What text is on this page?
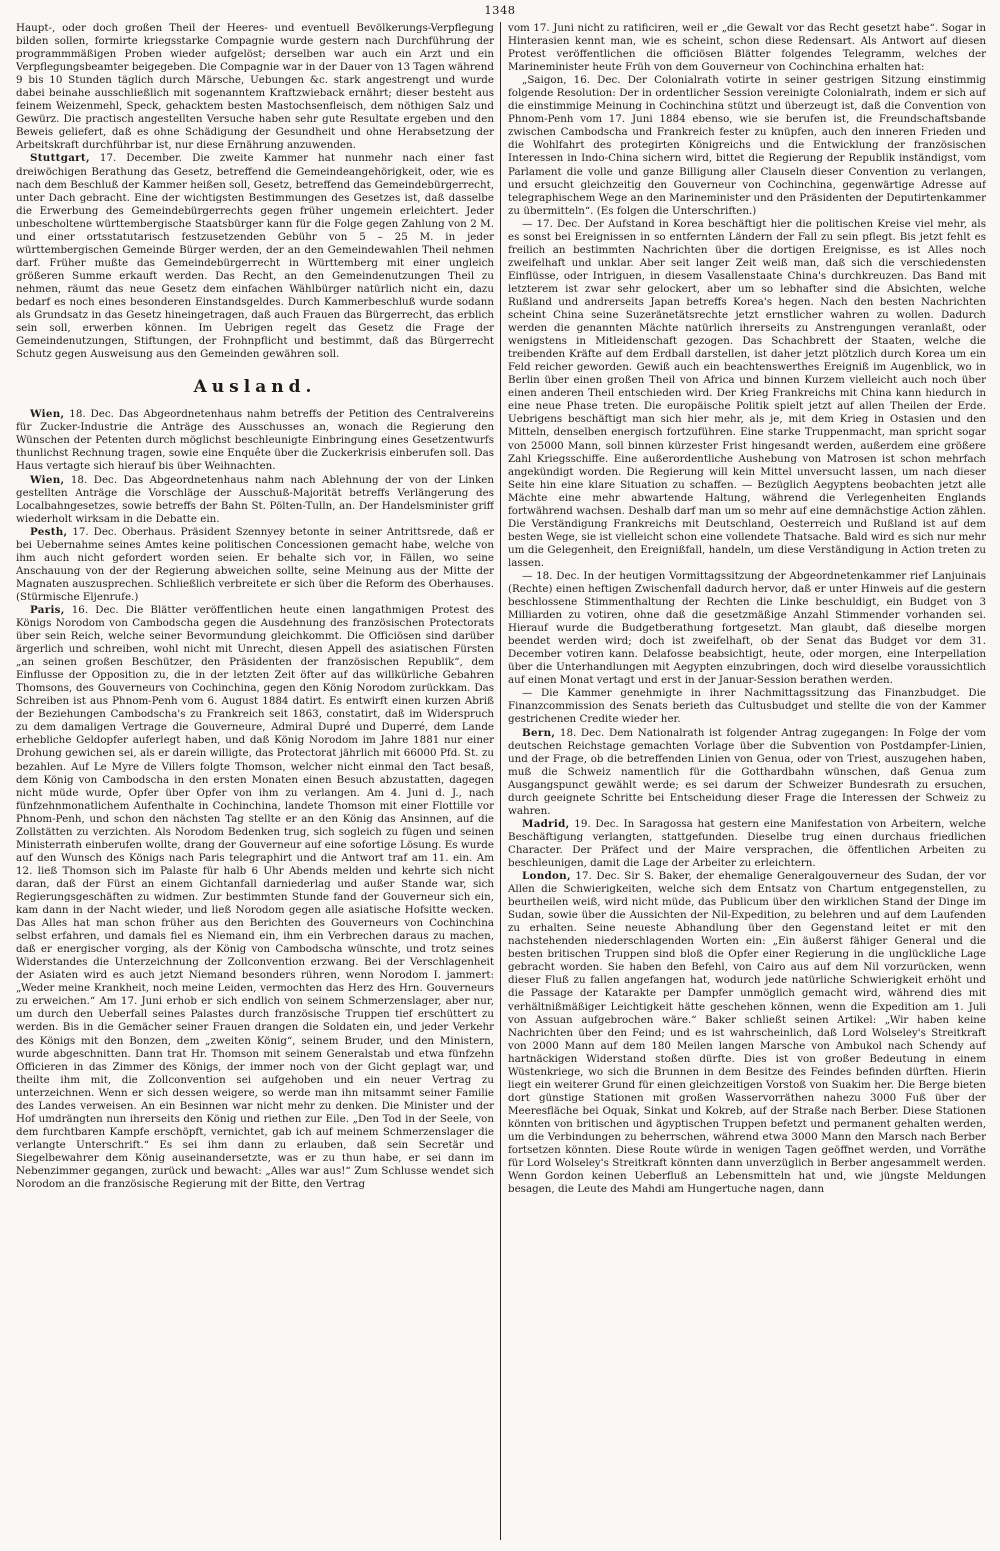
1348

Haupt-, oder doch großen Theil der Heeres- und eventuell Bevölkerungs-Verpflegung bilden sollen, formirte kriegsstarke Compagnie wurde gestern nach Durchführung der programmmäßigen Proben wieder aufgelöst; derselben war auch ein Arzt und ein Verpflegungsbeamter beigegeben. Die Compagnie war in der Dauer von 13 Tagen während 9 bis 10 Stunden täglich durch Märsche, Uebungen &c. stark angestrengt und wurde dabei beinahe ausschließlich mit sogenanntem Kraftzwieback ernährt; dieser besteht aus feinem Weizenmehl, Speck, gehacktem besten Mastochsenfleisch, dem nöthigen Salz und Gewürz. Die practisch angestellten Versuche haben sehr gute Resultate ergeben und den Beweis geliefert, daß es ohne Schädigung der Gesundheit und ohne Herabsetzung der Arbeitskraft durchführbar ist, nur diese Ernährung anzuwenden.

Stuttgart, 17. December. Die zweite Kammer hat nunmehr nach einer fast dreiwöchigen Berathung das Gesetz, betreffend die Gemeindeangehörigkeit, oder, wie es nach dem Beschluß der Kammer heißen soll, Gesetz, betreffend das Gemeindebürgerrecht, unter Dach gebracht. Eine der wichtigsten Bestimmungen des Gesetzes ist, daß dasselbe die Erwerbung des Gemeindebürgerrechts gegen früher ungemein erleichtert. Jeder unbescholtene württembergische Staatsbürger kann für die Folge gegen Zahlung von 2 M. und einer ortsstatutarisch festzusetzenden Gebühr von 5 – 25 M. in jeder württembergischen Gemeinde Bürger werden, der an den Gemeindewahlen Theil nehmen darf. Früher mußte das Gemeindebürgerrecht in Württemberg mit einer ungleich größeren Summe erkauft werden. Das Recht, an den Gemeindenutzungen Theil zu nehmen, räumt das neue Gesetz dem einfachen Wählbürger natürlich nicht ein, dazu bedarf es noch eines besonderen Einstandsgeldes. Durch Kammerbeschluß wurde sodann als Grundsatz in das Gesetz hineingetragen, daß auch Frauen das Bürgerrecht, das erblich sein soll, erwerben können. Im Uebrigen regelt das Gesetz die Frage der Gemeindenutzungen, Stiftungen, der Frohnpflicht und bestimmt, daß das Bürgerrecht Schutz gegen Ausweisung aus den Gemeinden gewähren soll.

Ausland.

Wien, 18. Dec. Das Abgeordnetenhaus nahm betreffs der Petition des Centralvereins für Zucker-Industrie die Anträge des Ausschusses an, wonach die Regierung den Wünschen der Petenten durch möglichst beschleunigte Einbringung eines Gesetzentwurfs thunlichst Rechnung tragen, sowie eine Enquête über die Zuckerkrisis einberufen soll. Das Haus vertagte sich hierauf bis über Weihnachten.

Wien, 18. Dec. Das Abgeordnetenhaus nahm nach Ablehnung der von der Linken gestellten Anträge die Vorschläge der Ausschuß-Majorität betreffs Verlängerung des Localbahngesetzes, sowie betreffs der Bahn St. Pölten-Tulln, an. Der Handelsminister griff wiederholt wirksam in die Debatte ein.

Pesth, 17. Dec. Oberhaus. Präsident Szennyey betonte in seiner Antrittsrede, daß er bei Uebernahme seines Amtes keine politischen Concessionen gemacht habe, welche von ihm auch nicht gefordert worden seien. Er behalte sich vor, in Fällen, wo seine Anschauung von der der Regierung abweichen sollte, seine Meinung aus der Mitte der Magnaten auszusprechen. Schließlich verbreitete er sich über die Reform des Oberhauses. (Stürmische Eljenrufe.)

Paris, 16. Dec. Die Blätter veröffentlichen heute einen langathmigen Protest des Königs Norodom von Cambodscha gegen die Ausdehnung des französischen Protectorats über sein Reich, welche seiner Bevormundung gleichkommt. Die Officiösen sind darüber ärgerlich und schreiben, wohl nicht mit Unrecht, diesen Appell des asiatischen Fürsten „an seinen großen Beschützer, den Präsidenten der französischen Republik“, dem Einflusse der Opposition zu, die in der letzten Zeit öfter auf das willkürliche Gebahren Thomsons, des Gouverneurs von Cochinchina, gegen den König Norodom zurückkam. Das Schreiben ist aus Phnom-Penh vom 6. August 1884 datirt. Es entwirft einen kurzen Abriß der Beziehungen Cambodscha's zu Frankreich seit 1863, constatirt, daß im Widerspruch zu dem damaligen Vertrage die Gouverneure, Admiral Dupré und Duperré, dem Lande erhebliche Geldopfer auferlegt haben, und daß König Norodom im Jahre 1881 nur einer Drohung gewichen sei, als er darein willigte, das Protectorat jährlich mit 66000 Pfd. St. zu bezahlen. Auf Le Myre de Villers folgte Thomson, welcher nicht einmal den Tact besaß, dem König von Cambodscha in den ersten Monaten einen Besuch abzustatten, dagegen nicht müde wurde, Opfer über Opfer von ihm zu verlangen. Am 4. Juni d. J., nach fünfzehnmonatlichem Aufenthalte in Cochinchina, landete Thomson mit einer Flottille vor Phnom-Penh, und schon den nächsten Tag stellte er an den König das Ansinnen, auf die Zollstätten zu verzichten. Als Norodom Bedenken trug, sich sogleich zu fügen und seinen Ministerrath einberufen wollte, drang der Gouverneur auf eine sofortige Lösung. Es wurde auf den Wunsch des Königs nach Paris telegraphirt und die Antwort traf am 11. ein. Am 12. ließ Thomson sich im Palaste für halb 6 Uhr Abends melden und kehrte sich nicht daran, daß der Fürst an einem Gichtanfall darniederlag und außer Stande war, sich Regierungsgeschäften zu widmen. Zur bestimmten Stunde fand der Gouverneur sich ein, kam dann in der Nacht wieder, und ließ Norodom gegen alle asiatische Hofsitte wecken. Das Alles hat man schon früher aus den Berichten des Gouverneurs von Cochinchina selbst erfahren, und damals fiel es Niemand ein, ihm ein Verbrechen daraus zu machen, daß er energischer vorging, als der König von Cambodscha wünschte, und trotz seines Widerstandes die Unterzeichnung der Zollconvention erzwang. Bei der Verschlagenheit der Asiaten wird es auch jetzt Niemand besonders rühren, wenn Norodom I. jammert: „Weder meine Krankheit, noch meine Leiden, vermochten das Herz des Hrn. Gouverneurs zu erweichen.“ Am 17. Juni erhob er sich endlich von seinem Schmerzenslager, aber nur, um durch den Ueberfall seines Palastes durch französische Truppen tief erschüttert zu werden. Bis in die Gemächer seiner Frauen drangen die Soldaten ein, und jeder Verkehr des Königs mit den Bonzen, dem „zweiten König“, seinem Bruder, und den Ministern, wurde abgeschnitten. Dann trat Hr. Thomson mit seinem Generalstab und etwa fünfzehn Officieren in das Zimmer des Königs, der immer noch von der Gicht geplagt war, und theilte ihm mit, die Zollconvention sei aufgehoben und ein neuer Vertrag zu unterzeichnen. Wenn er sich dessen weigere, so werde man ihn mitsammt seiner Familie des Landes verweisen. An ein Besinnen war nicht mehr zu denken. Die Minister und der Hof umdrängten nun ihrerseits den König und riethen zur Eile. „Den Tod in der Seele, von dem furchtbaren Kampfe erschöpft, vernichtet, gab ich auf meinem Schmerzenslager die verlangte Unterschrift.“ Es sei ihm dann zu erlauben, daß sein Secretär und Siegelbewahrer dem König auseinandersetzte, was er zu thun habe, er sei dann im Nebenzimmer gegangen, zurück und bewacht: „Alles war aus!“ Zum Schlusse wendet sich Norodom an die französische Regierung mit der Bitte, den Vertrag

vom 17. Juni nicht zu ratificiren, weil er „die Gewalt vor das Recht gesetzt habe“. Sogar in Hinterasien kennt man, wie es scheint, schon diese Redensart. Als Antwort auf diesen Protest veröffentlichen die officiösen Blätter folgendes Telegramm, welches der Marineminister heute Früh von dem Gouverneur von Cochinchina erhalten hat:

„Saigon, 16. Dec. Der Colonialrath votirte in seiner gestrigen Sitzung einstimmig folgende Resolution: Der in ordentlicher Session vereinigte Colonialrath, indem er sich auf die einstimmige Meinung in Cochinchina stützt und überzeugt ist, daß die Convention von Phnom-Penh vom 17. Juni 1884 ebenso, wie sie berufen ist, die Freundschaftsbande zwischen Cambodscha und Frankreich fester zu knüpfen, auch den inneren Frieden und die Wohlfahrt des protegirten Königreichs und die Entwicklung der französischen Interessen in Indo-China sichern wird, bittet die Regierung der Republik inständigst, vom Parlament die volle und ganze Billigung aller Clauseln dieser Convention zu verlangen, und ersucht gleichzeitig den Gouverneur von Cochinchina, gegenwärtige Adresse auf telegraphischem Wege an den Marineminister und den Präsidenten der Deputirtenkammer zu übermitteln“. (Es folgen die Unterschriften.)

— 17. Dec. Der Aufstand in Korea beschäftigt hier die politischen Kreise viel mehr, als es sonst bei Ereignissen in so entfernten Ländern der Fall zu sein pflegt. Bis jetzt fehlt es freilich an bestimmten Nachrichten über die dortigen Ereignisse, es ist Alles noch zweifelhaft und unklar. Aber seit langer Zeit weiß man, daß sich die verschiedensten Einflüsse, oder Intriguen, in diesem Vasallenstaate China's durchkreuzen. Das Band mit letzterem ist zwar sehr gelockert, aber um so lebhafter sind die Absichten, welche Rußland und andrerseits Japan betreffs Korea's hegen. Nach den besten Nachrichten scheint China seine Suzeränetätsrechte jetzt ernstlicher wahren zu wollen. Dadurch werden die genannten Mächte natürlich ihrerseits zu Anstrengungen veranlaßt, oder wenigstens in Mitleidenschaft gezogen. Das Schachbrett der Staaten, welche die treibenden Kräfte auf dem Erdball darstellen, ist daher jetzt plötzlich durch Korea um ein Feld reicher geworden. Gewiß auch ein beachtenswerthes Ereigniß im Augenblick, wo in Berlin über einen großen Theil von Africa und binnen Kurzem vielleicht auch noch über einen anderen Theil entschieden wird. Der Krieg Frankreichs mit China kann hiedurch in eine neue Phase treten. Die europäische Politik spielt jetzt auf allen Theilen der Erde. Uebrigens beschäftigt man sich hier mehr, als je, mit dem Krieg in Ostasien und den Mitteln, denselben energisch fortzuführen. Eine starke Truppenmacht, man spricht sogar von 25000 Mann, soll binnen kürzester Frist hingesandt werden, außerdem eine größere Zahl Kriegsschiffe. Eine außerordentliche Aushebung von Matrosen ist schon mehrfach angekündigt worden. Die Regierung will kein Mittel unversucht lassen, um nach dieser Seite hin eine klare Situation zu schaffen. — Bezüglich Aegyptens beobachten jetzt alle Mächte eine mehr abwartende Haltung, während die Verlegenheiten Englands fortwährend wachsen. Deshalb darf man um so mehr auf eine demnächstige Action zählen. Die Verständigung Frankreichs mit Deutschland, Oesterreich und Rußland ist auf dem besten Wege, sie ist vielleicht schon eine vollendete Thatsache. Bald wird es sich nur mehr um die Gelegenheit, den Ereignißfall, handeln, um diese Verständigung in Action treten zu lassen.

— 18. Dec. In der heutigen Vormittagssitzung der Abgeordnetenkammer rief Lanjuinais (Rechte) einen heftigen Zwischenfall dadurch hervor, daß er unter Hinweis auf die gestern beschlossene Stimmenthaltung der Rechten die Linke beschuldigt, ein Budget von 3 Milliarden zu votiren, ohne daß die gesetzmäßige Anzahl Stimmender vorhanden sei. Hierauf wurde die Budgetberathung fortgesetzt. Man glaubt, daß dieselbe morgen beendet werden wird; doch ist zweifelhaft, ob der Senat das Budget vor dem 31. December votiren kann. Delafosse beabsichtigt, heute, oder morgen, eine Interpellation über die Unterhandlungen mit Aegypten einzubringen, doch wird dieselbe voraussichtlich auf einen Monat vertagt und erst in der Januar-Session berathen werden.

— Die Kammer genehmigte in ihrer Nachmittagssitzung das Finanzbudget. Die Finanzcommission des Senats berieth das Cultusbudget und stellte die von der Kammer gestrichenen Credite wieder her.

Bern, 18. Dec. Dem Nationalrath ist folgender Antrag zugegangen: In Folge der vom deutschen Reichstage gemachten Vorlage über die Subvention von Postdampfer-Linien, und der Frage, ob die betreffenden Linien von Genua, oder von Triest, auszugehen haben, muß die Schweiz namentlich für die Gotthardbahn wünschen, daß Genua zum Ausgangspunct gewählt werde; es sei darum der Schweizer Bundesrath zu ersuchen, durch geeignete Schritte bei Entscheidung dieser Frage die Interessen der Schweiz zu wahren.

Madrid, 19. Dec. In Saragossa hat gestern eine Manifestation von Arbeitern, welche Beschäftigung verlangten, stattgefunden. Dieselbe trug einen durchaus friedlichen Character. Der Präfect und der Maire versprachen, die öffentlichen Arbeiten zu beschleunigen, damit die Lage der Arbeiter zu erleichtern.

London, 17. Dec. Sir S. Baker, der ehemalige Generalgouverneur des Sudan, der vor Allen die Schwierigkeiten, welche sich dem Entsatz von Chartum entgegenstellen, zu beurtheilen weiß, wird nicht müde, das Publicum über den wirklichen Stand der Dinge im Sudan, sowie über die Aussichten der Nil-Expedition, zu belehren und auf dem Laufenden zu erhalten. Seine neueste Abhandlung über den Gegenstand leitet er mit den nachstehenden niederschlagenden Worten ein: „Ein äußerst fähiger General und die besten britischen Truppen sind bloß die Opfer einer Regierung in die unglückliche Lage gebracht worden. Sie haben den Befehl, von Cairo aus auf dem Nil vorzurücken, wenn dieser Fluß zu fallen angefangen hat, wodurch jede natürliche Schwierigkeit erhöht und die Passage der Katarakte per Dampfer unmöglich gemacht wird, während dies mit verhältnißmäßiger Leichtigkeit hätte geschehen können, wenn die Expedition am 1. Juli von Assuan aufgebrochen wäre.“ Baker schließt seinen Artikel: „Wir haben keine Nachrichten über den Feind; und es ist wahrscheinlich, daß Lord Wolseley's Streitkraft von 2000 Mann auf dem 180 Meilen langen Marsche von Ambukol nach Schendy auf hartnäckigen Widerstand stoßen dürfte. Dies ist von großer Bedeutung in einem Wüstenkriege, wo sich die Brunnen in dem Besitze des Feindes befinden dürften. Hierin liegt ein weiterer Grund für einen gleichzeitigen Vorstoß von Suakim her. Die Berge bieten dort günstige Stationen mit großen Wasservorräthen nahezu 3000 Fuß über der Meeresfläche bei Oquak, Sinkat und Kokreb, auf der Straße nach Berber. Diese Stationen könnten von britischen und ägyptischen Truppen befetzt und permanent gehalten werden, um die Verbindungen zu beherrschen, während etwa 3000 Mann den Marsch nach Berber fortsetzen könnten. Diese Route würde in wenigen Tagen geöffnet werden, und Vorräthe für Lord Wolseley's Streitkraft könnten dann unverzüglich in Berber angesammelt werden. Wenn Gordon keinen Ueberfluß an Lebensmitteln hat und, wie jüngste Meldungen besagen, die Leute des Mahdi am Hungertuche nagen, dann
